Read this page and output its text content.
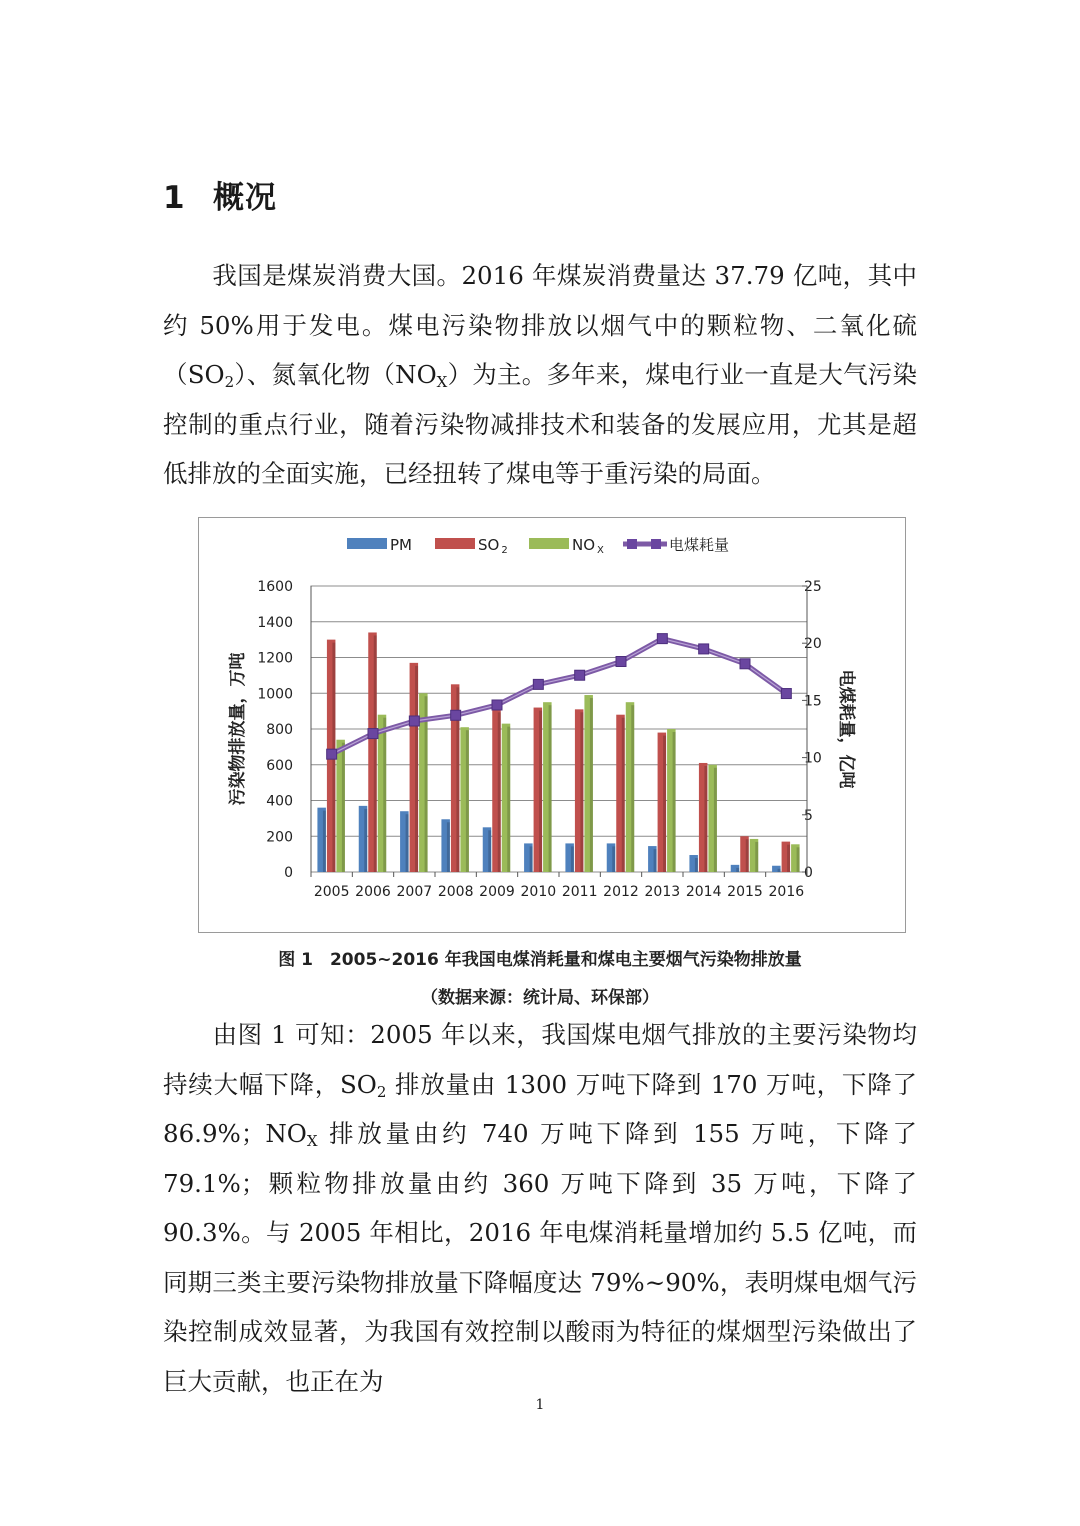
1 概况

我国是煤炭消费大国。2016 年煤炭消费量达 37.79 亿吨，其中约 50%用于发电。煤电污染物排放以烟气中的颗粒物、二氧化硫$(SO_2)$、氮氧化物$(NO_X)$为主。多年来，煤电行业一直是大气污染控制的重点行业，随着污染物减排技术和装备的发展应用，尤其是超低排放的全面实施，已经扭转了煤电等于重污染的局面。

0
200
400
600
800
1000
1200
1400
1600
0
5
10
15
20
25
2005 2006 2007 2008 2009 2010 2011 2012 2013 2014 2015 2016
污染物排放量，万吨	电煤耗量，亿吨
PM	SO $_2$	NO $_X$	电煤耗量

图 1　2005~2016 年我国电煤消耗量和煤电主要烟气污染物排放量

（数据来源：统计局、环保部）

由图 1 可知：2005 年以来，我国煤电烟气排放的主要污染物均持续大幅下降，$SO_2$ 排放量由 1300 万吨下降到 170 万吨，下降了 86.9%；$NO_X$ 排放量由约 740 万吨下降到 155 万吨，下降了 79.1%；颗粒物排放量由约 360 万吨下降到 35 万吨，下降了 90.3%。与 2005 年相比，2016 年电煤消耗量增加约 5.5 亿吨，而同期三类主要污染物排放量下降幅度达 79%~90%，表明煤电烟气污染控制成效显著，为我国有效控制以酸雨为特征的煤烟型污染做出了巨大贡献，也正在为

1
